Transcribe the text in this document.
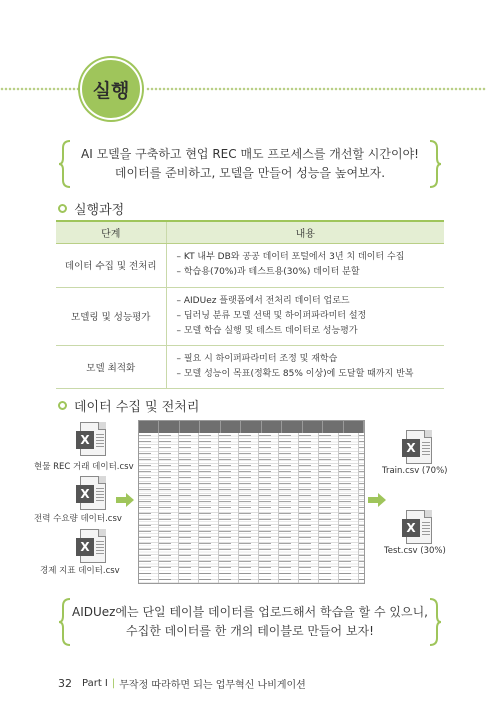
실행
AI 모델을 구축하고 현업 REC 매도 프로세스를 개선할 시간이야!
데이터를 준비하고, 모델을 만들어 성능을 높여보자.
실행과정
단계	내용
데이터 수집 및 전처리	– KT 내부 DB와 공공 데이터 포털에서 3년 치 데이터 수집
– 학습용(70%)과 테스트용(30%) 데이터 분할

모델링 및 성능평가	– AIDUez 플랫폼에서 전처리 데이터 업로드
– 딥러닝 분류 모델 선택 및 하이퍼파라미터 설정
– 모델 학습 실행 및 테스트 데이터로 성능평가

모델 최적화	– 필요 시 하이퍼파라미터 조정 및 재학습
– 모델 성능이 목표(정확도 85% 이상)에 도달할 때까지 반복
데이터 수집 및 전처리
X
현물 REC 거래 데이터.csv
X
전력 수요량 데이터.csv
X
경제 지표 데이터.csv
X
Train.csv (70%)
X
Test.csv (30%)
AIDUez에는 단일 테이블 데이터를 업로드해서 학습을 할 수 있으니,
수집한 데이터를 한 개의 테이블로 만들어 보자!
32 Part I | 무작정 따라하면 되는 업무혁신 나비게이션
